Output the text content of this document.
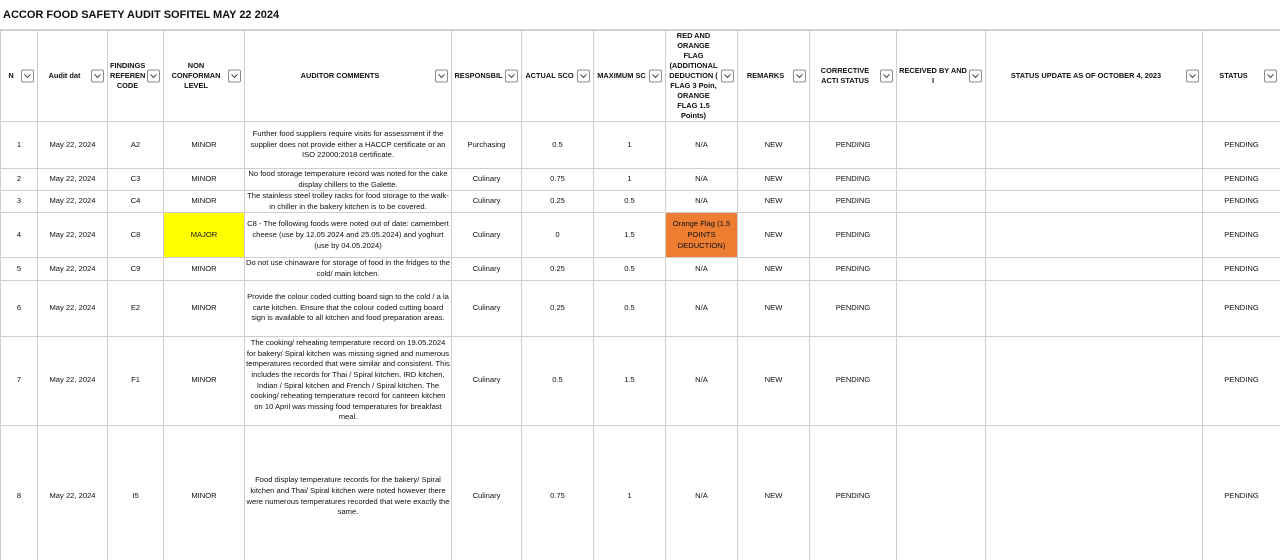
ACCOR FOOD SAFETY AUDIT SOFITEL MAY 22 2024
N	Audit dat	FINDINGS REFEREN CODE	NON CONFORMAN LEVEL	AUDITOR COMMENTS	RESPONSBIL	ACTUAL SCO	MAXIMUM SC	RED AND ORANGE FLAG (ADDITIONAL DEDUCTION ( FLAG 3 Poin, ORANGE FLAG 1.5 Points)	REMARKS	CORRECTIVE ACTI STATUS	RECEIVED BY AND I	STATUS UPDATE AS OF OCTOBER 4, 2023	STATUS

1	May 22, 2024	A2	MINOR	Further food suppliers require visits for assessment if the supplier does not provide either a HACCP certificate or an ISO 22000:2018 certificate.	Purchasing	0.5	1	N/A	NEW	PENDING			PENDING
2	May 22, 2024	C3	MINOR	No food storage temperature record was noted for the cake display chillers to the Galette.	Culinary	0.75	1	N/A	NEW	PENDING			PENDING
3	May 22, 2024	C4	MINOR	The stainless steel trolley racks for food storage to the walk-in chiller in the bakery kitchen is to be covered.	Culinary	0.25	0.5	N/A	NEW	PENDING			PENDING
4	May 22, 2024	C8	MAJOR	C8 - The following foods were noted out of date: camembert cheese (use by 12.05.2024 and 25.05.2024) and yoghurt (use by 04.05.2024)	Culinary	0	1.5	Orange Flag (1.5 POINTS DEDUCTION)	NEW	PENDING			PENDING
5	May 22, 2024	C9	MINOR	Do not use chinaware for storage of food in the fridges to the cold/ main kitchen.	Culinary	0.25	0.5	N/A	NEW	PENDING			PENDING
6	May 22, 2024	E2	MINOR	Provide the colour coded cutting board sign to the cold / a la carte kitchen. Ensure that the colour coded cutting board sign is available to all kitchen and food preparation areas.	Culinary	0.25	0.5	N/A	NEW	PENDING			PENDING
7	May 22, 2024	F1	MINOR	The cooking/ reheating temperature record on 19.05.2024 for bakery/ Spiral kitchen was missing signed and numerous temperatures recorded that were similar and consistent. This includes the records for Thai / Spiral kitchen, IRD kitchen, Indian / Spiral kitchen and French / Spiral kitchen. The cooking/ reheating temperature record for canteen kitchen on 10 April was missing food temperatures for breakfast meal.	Culinary	0.5	1.5	N/A	NEW	PENDING			PENDING
8	May 22, 2024	I5	MINOR	Food display temperature records for the bakery/ Spiral kitchen and Thai/ Spiral kitchen were noted however there were numerous temperatures recorded that were exactly the same.	Culinary	0.75	1	N/A	NEW	PENDING			PENDING
